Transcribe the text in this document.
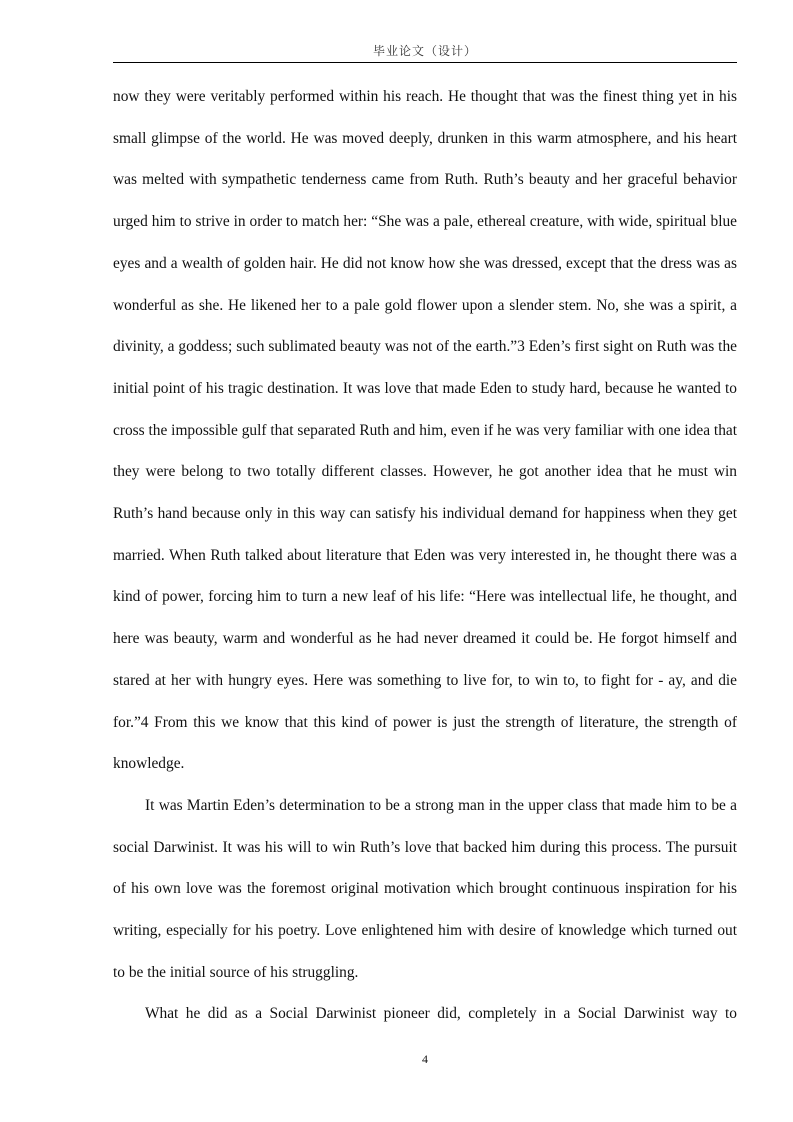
毕业论文（设计）

now they were veritably performed within his reach. He thought that was the finest thing yet in his small glimpse of the world. He was moved deeply, drunken in this warm atmosphere, and his heart was melted with sympathetic tenderness came from Ruth. Ruth’s beauty and her graceful behavior urged him to strive in order to match her: “She was a pale, ethereal creature, with wide, spiritual blue eyes and a wealth of golden hair. He did not know how she was dressed, except that the dress was as wonderful as she. He likened her to a pale gold flower upon a slender stem. No, she was a spirit, a divinity, a goddess; such sublimated beauty was not of the earth.”3 Eden’s first sight on Ruth was the initial point of his tragic destination. It was love that made Eden to study hard, because he wanted to cross the impossible gulf that separated Ruth and him, even if he was very familiar with one idea that they were belong to two totally different classes. However, he got another idea that he must win Ruth’s hand because only in this way can satisfy his individual demand for happiness when they get married. When Ruth talked about literature that Eden was very interested in, he thought there was a kind of power, forcing him to turn a new leaf of his life: “Here was intellectual life, he thought, and here was beauty, warm and wonderful as he had never dreamed it could be. He forgot himself and stared at her with hungry eyes. Here was something to live for, to win to, to fight for - ay, and die for.”4 From this we know that this kind of power is just the strength of literature, the strength of knowledge.

It was Martin Eden’s determination to be a strong man in the upper class that made him to be a social Darwinist. It was his will to win Ruth’s love that backed him during this process. The pursuit of his own love was the foremost original motivation which brought continuous inspiration for his writing, especially for his poetry. Love enlightened him with desire of knowledge which turned out to be the initial source of his struggling.

What he did as a Social Darwinist pioneer did, completely in a Social Darwinist way to

4
